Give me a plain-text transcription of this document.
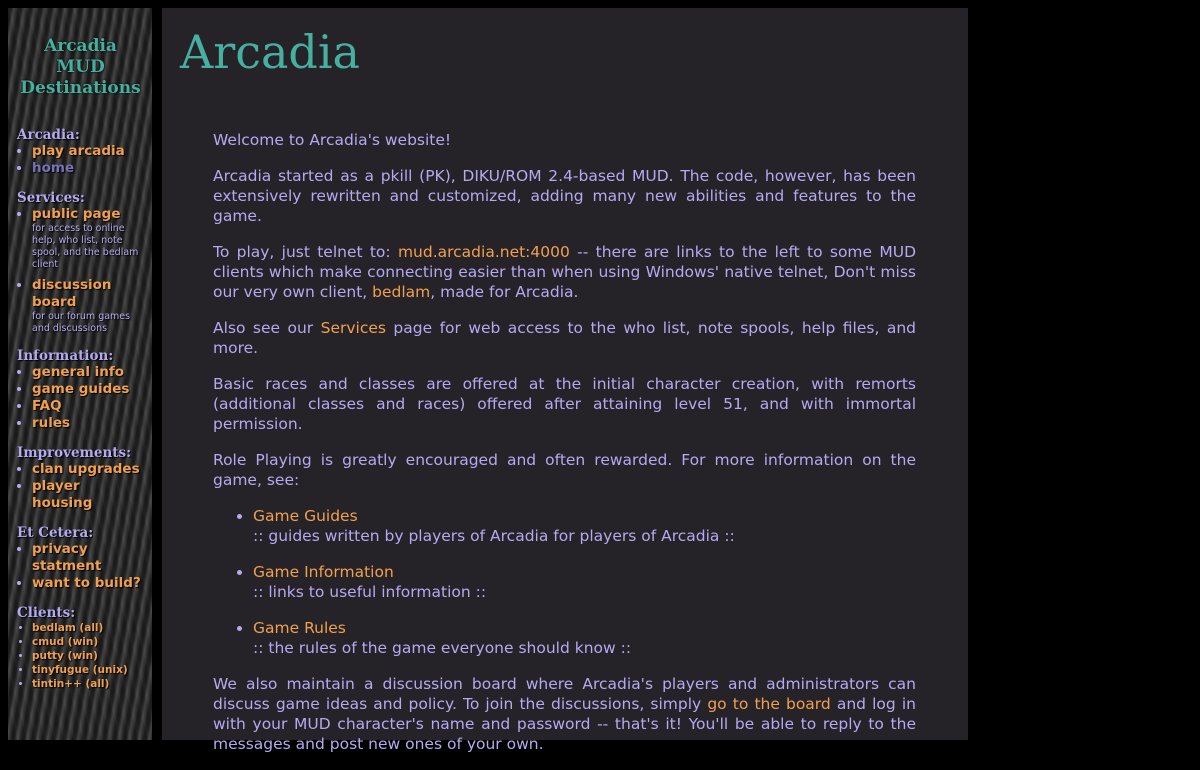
Arcadia MUD Destinations
Arcadia:
• play arcadia
• home
Services:
• public page
for access to online help, who list, note spool, and the bedlam client
• discussion board
for our forum games and discussions
Information:
• general info
• game guides
• FAQ
• rules
Improvements:
• clan upgrades
• player housing
Et Cetera:
• privacy statment
• want to build?
Clients:
• bedlam (all)
• cmud (win)
• putty (win)
• tinyfugue (unix)
• tintin++ (all)
Arcadia

Welcome to Arcadia's website!

Arcadia started as a pkill (PK), DIKU/ROM 2.4-based MUD. The code, however, has been extensively rewritten and customized, adding many new abilities and features to the game.

To play, just telnet to: mud.arcadia.net:4000 -- there are links to the left to some MUD clients which make connecting easier than when using Windows' native telnet, Don't miss our very own client, bedlam, made for Arcadia.

Also see our Services page for web access to the who list, note spools, help files, and more.

Basic races and classes are offered at the initial character creation, with remorts (additional classes and races) offered after attaining level 51, and with immortal permission.

Role Playing is greatly encouraged and often rewarded. For more information on the game, see:

• Game Guides
:: guides written by players of Arcadia for players of Arcadia ::
• Game Information
:: links to useful information ::
• Game Rules
:: the rules of the game everyone should know ::

We also maintain a discussion board where Arcadia's players and administrators can discuss game ideas and policy. To join the discussions, simply go to the board and log in with your MUD character's name and password -- that's it! You'll be able to reply to the messages and post new ones of your own.
